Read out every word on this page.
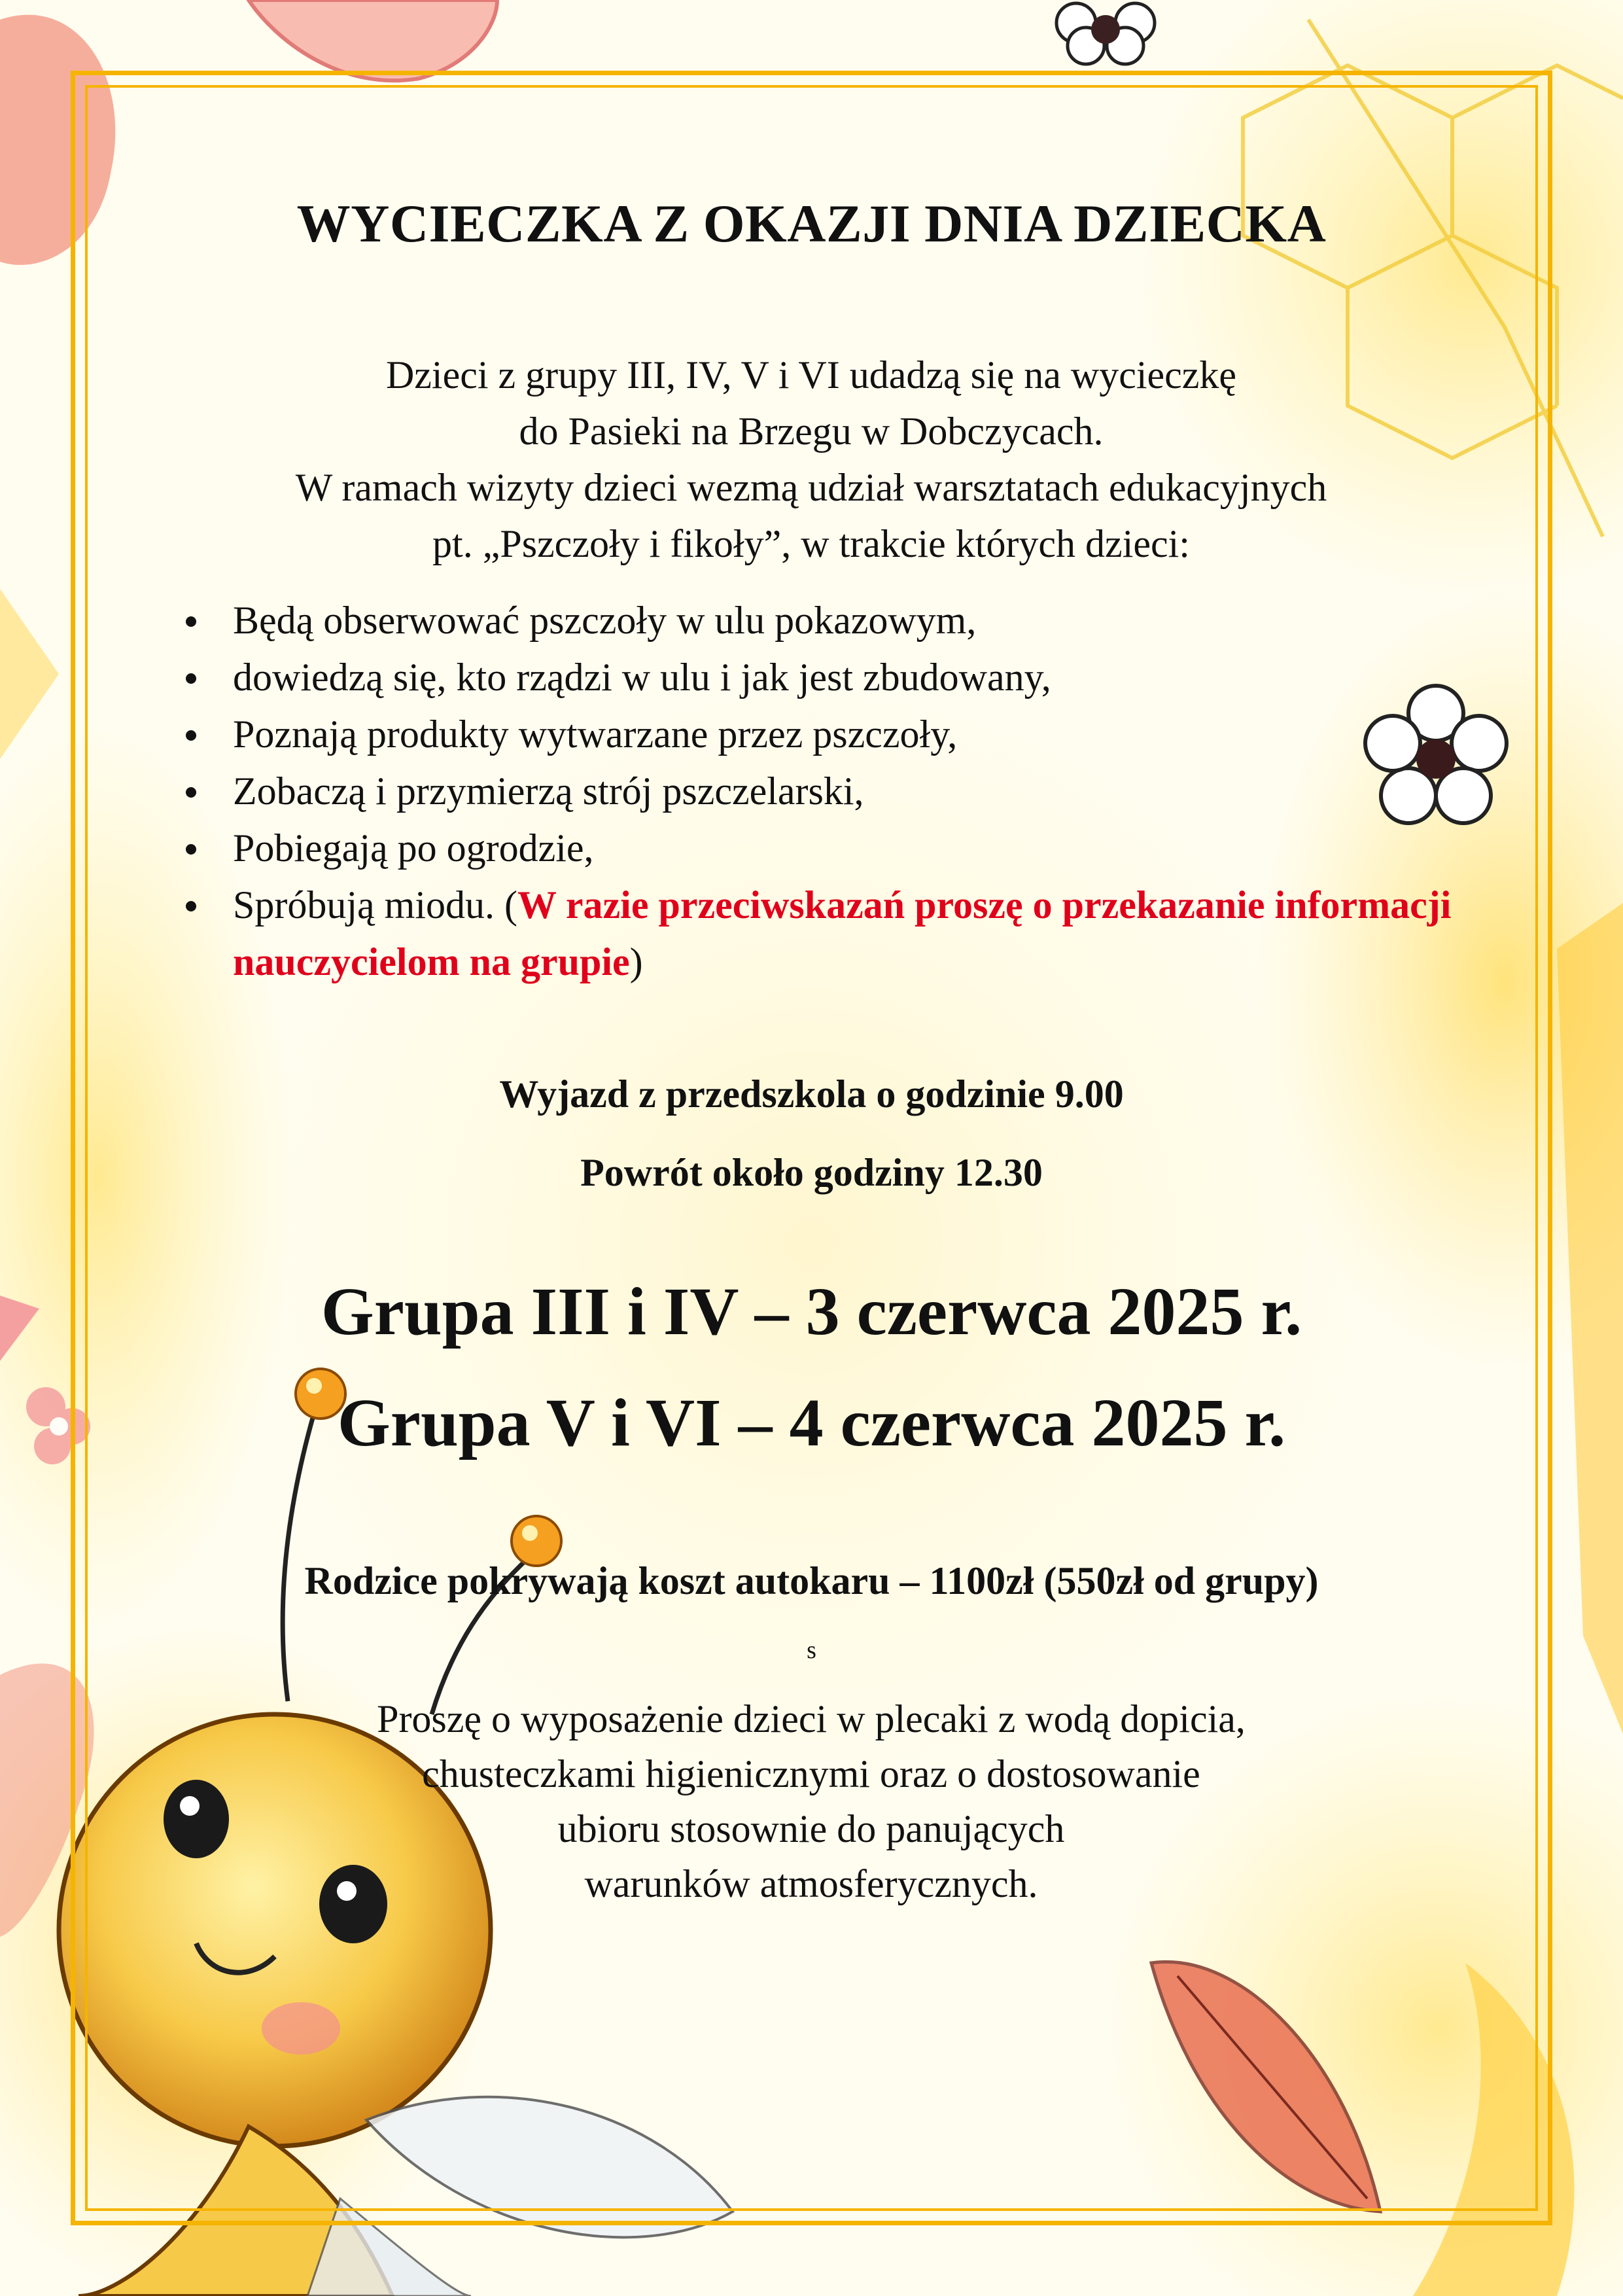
WYCIECZKA Z OKAZJI DNIA DZIECKA
Dzieci z grupy III, IV, V i VI udadzą się na wycieczkę
do Pasieki na Brzegu w Dobczycach.
W ramach wizyty dzieci wezmą udział warsztatach edukacyjnych
pt. „Pszczoły i fikoły”, w trakcie których dzieci:
Będą obserwować pszczoły w ulu pokazowym,
dowiedzą się, kto rządzi w ulu i jak jest zbudowany,
Poznają produkty wytwarzane przez pszczoły,
Zobaczą i przymierzą strój pszczelarski,
Pobiegają po ogrodzie,
Spróbują miodu. (W razie przeciwskazań proszę o przekazanie informacji nauczycielom na grupie)
Wyjazd z przedszkola o godzinie 9.00
Powrót około godziny 12.30
Grupa III i IV – 3 czerwca 2025 r.
Grupa V i VI – 4 czerwca 2025 r.
Rodzice pokrywają koszt autokaru – 1100zł (550zł od grupy)
s
Proszę o wyposażenie dzieci w plecaki z wodą dopicia,
chusteczkami higienicznymi oraz o dostosowanie
ubioru stosownie do panujących
warunków atmosferycznych.
